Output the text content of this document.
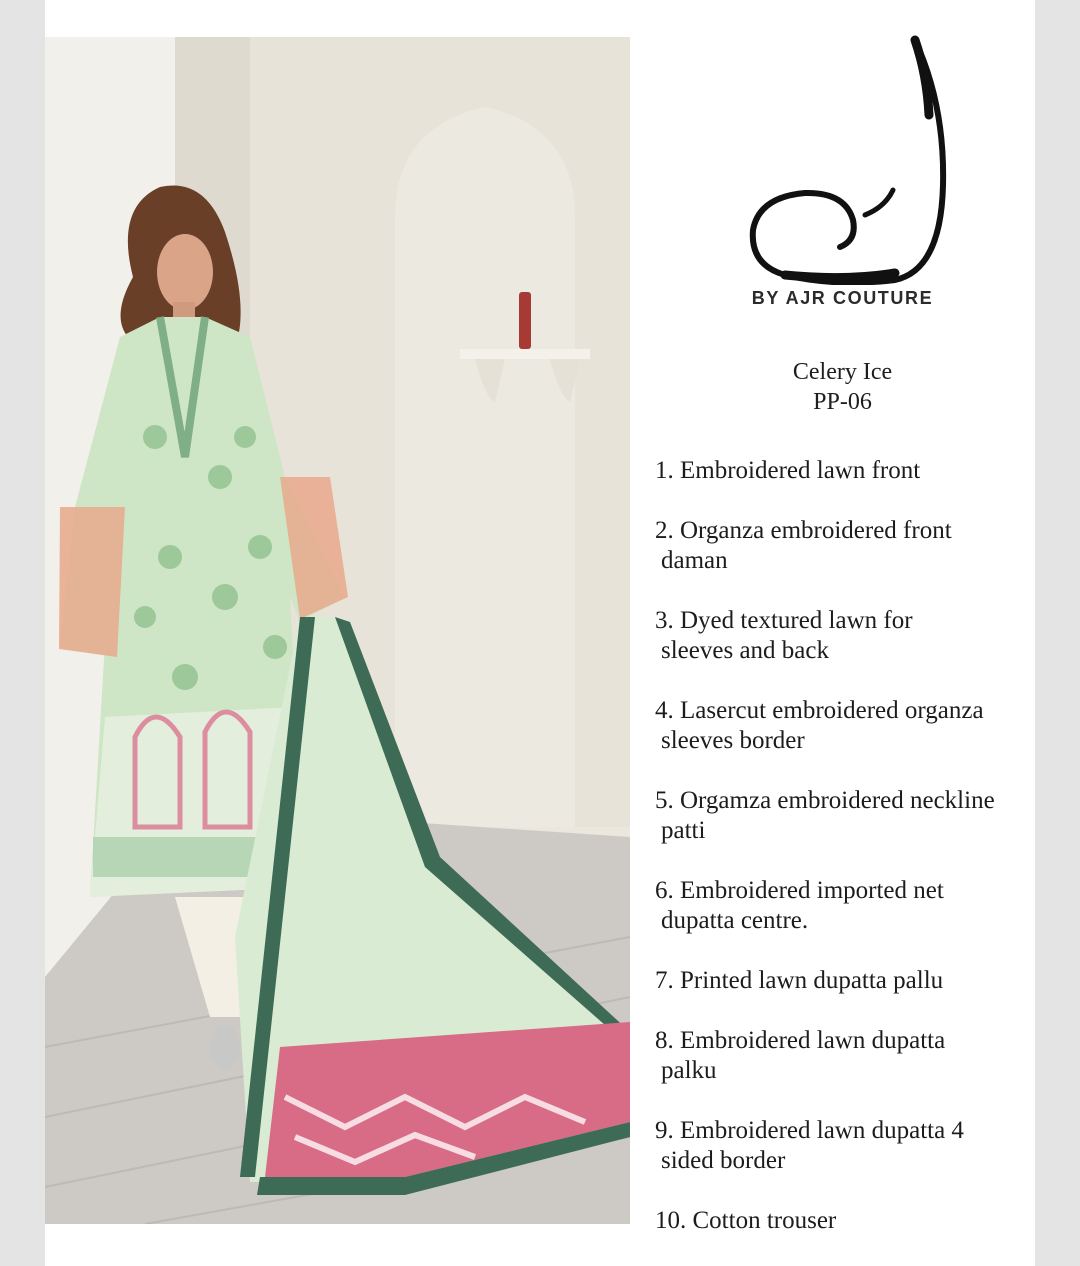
BY AJR COUTURE
Celery Ice
PP-06
1. Embroidered lawn front
2. Organza embroidered front
daman
3. Dyed textured lawn for
sleeves and back
4. Lasercut embroidered organza
sleeves border
5. Orgamza embroidered neckline
patti
6. Embroidered imported net
dupatta centre.
7. Printed lawn dupatta pallu
8. Embroidered lawn dupatta
palku
9. Embroidered lawn dupatta 4
sided border
10. Cotton trouser
